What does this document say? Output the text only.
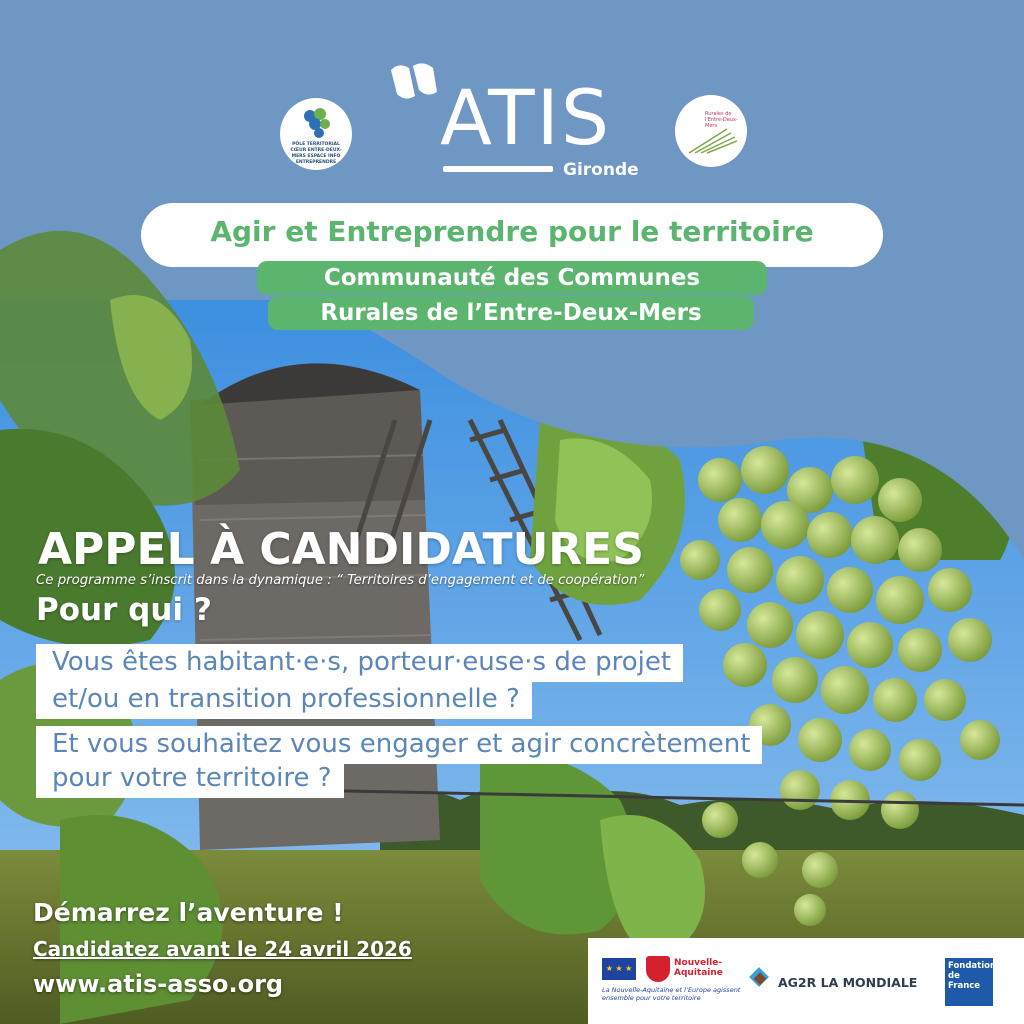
ATIS
Gironde
PÔLE TERRITORIAL CŒUR ENTRE-DEUX-MERS ESPACE INFO ENTREPRENDRE
Rurales de l'Entre-Deux-Mers
Agir et Entreprendre pour le territoire
Communauté des Communes
Rurales de l’Entre-Deux-Mers
APPEL À CANDIDATURES
Ce programme s’inscrit dans la dynamique : “ Territoires d’engagement et de coopération”
Pour qui ?
Vous êtes habitant·e·s, porteur·euse·s de projet
et/ou en transition professionnelle ?
Et vous souhaitez vous engager et agir concrètement
pour votre territoire ?
Démarrez l’aventure !
Candidatez avant le 24 avril 2026
www.atis-asso.org
★ ★ ★
Nouvelle-Aquitaine
La Nouvelle-Aquitaine et l’Europe agissent ensemble pour votre territoire
AG2R LA MONDIALE
Fondation de France
